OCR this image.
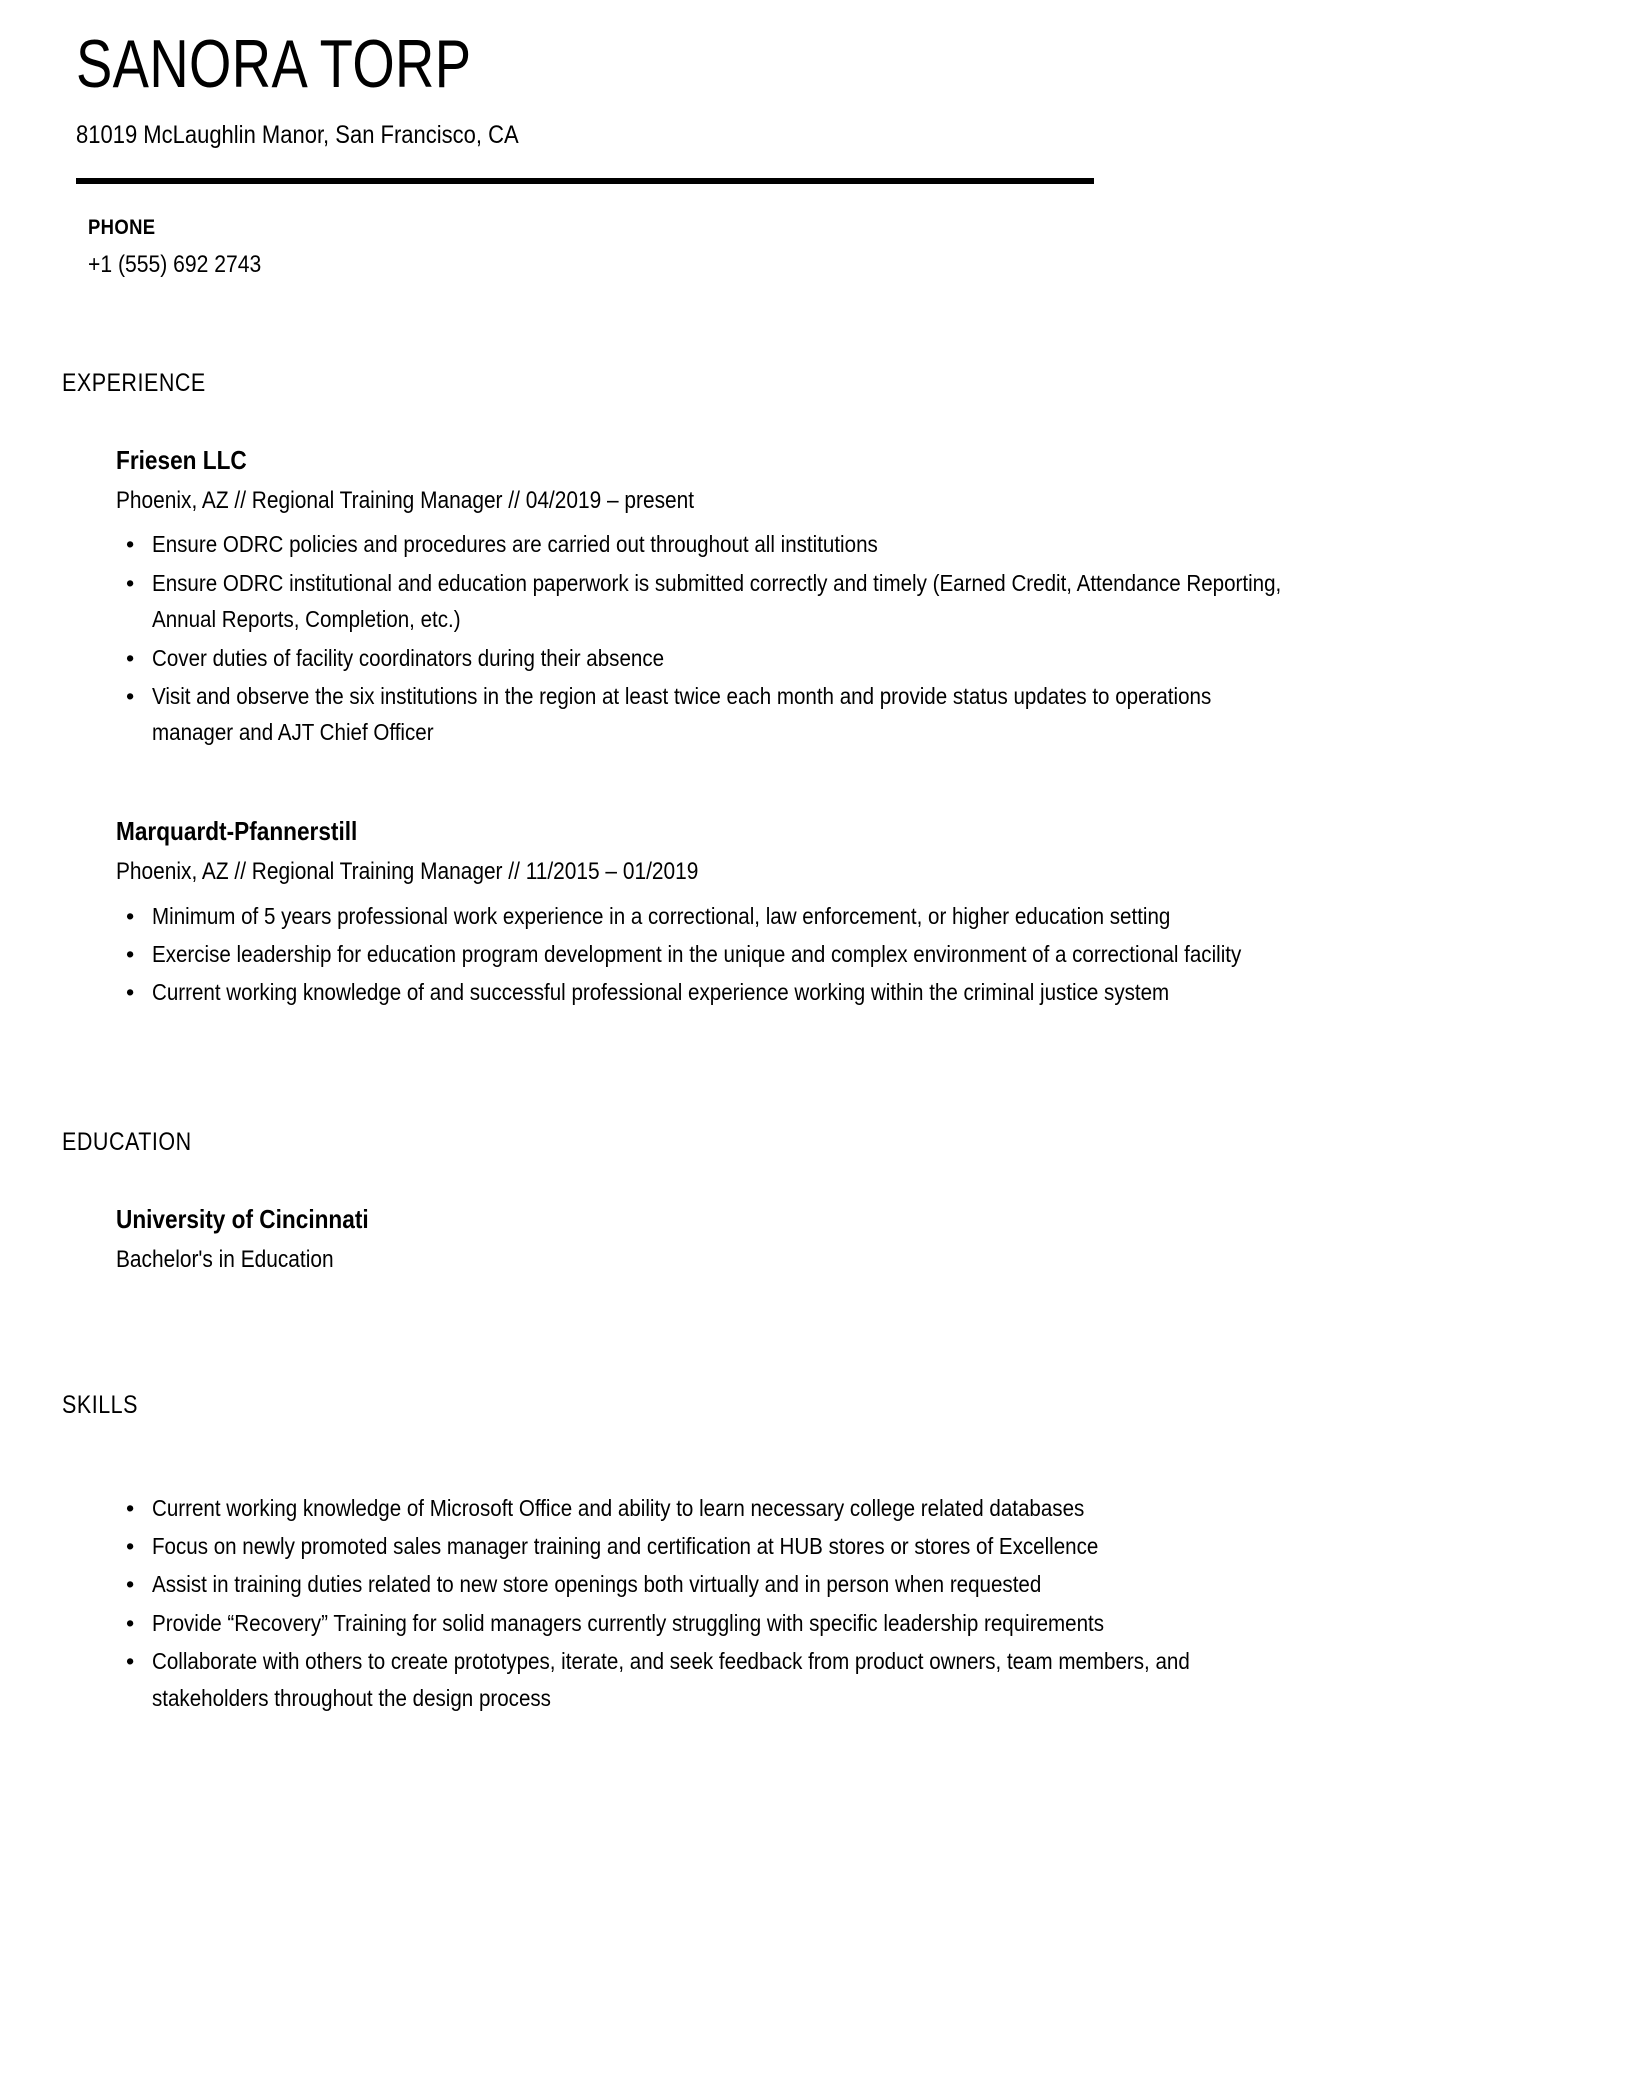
SANORA TORP
81019 McLaughlin Manor, San Francisco, CA
PHONE
+1 (555) 692 2743
EXPERIENCE
Friesen LLC
Phoenix, AZ // Regional Training Manager // 04/2019 – present
• Ensure ODRC policies and procedures are carried out throughout all institutions
• Ensure ODRC institutional and education paperwork is submitted correctly and timely (Earned Credit, Attendance Reporting, Annual Reports, Completion, etc.)
• Cover duties of facility coordinators during their absence
• Visit and observe the six institutions in the region at least twice each month and provide status updates to operations manager and AJT Chief Officer
Marquardt-Pfannerstill
Phoenix, AZ // Regional Training Manager // 11/2015 – 01/2019
• Minimum of 5 years professional work experience in a correctional, law enforcement, or higher education setting
• Exercise leadership for education program development in the unique and complex environment of a correctional facility
• Current working knowledge of and successful professional experience working within the criminal justice system
EDUCATION
University of Cincinnati
Bachelor's in Education
SKILLS
• Current working knowledge of Microsoft Office and ability to learn necessary college related databases
• Focus on newly promoted sales manager training and certification at HUB stores or stores of Excellence
• Assist in training duties related to new store openings both virtually and in person when requested
• Provide “Recovery” Training for solid managers currently struggling with specific leadership requirements
• Collaborate with others to create prototypes, iterate, and seek feedback from product owners, team members, and stakeholders throughout the design process
